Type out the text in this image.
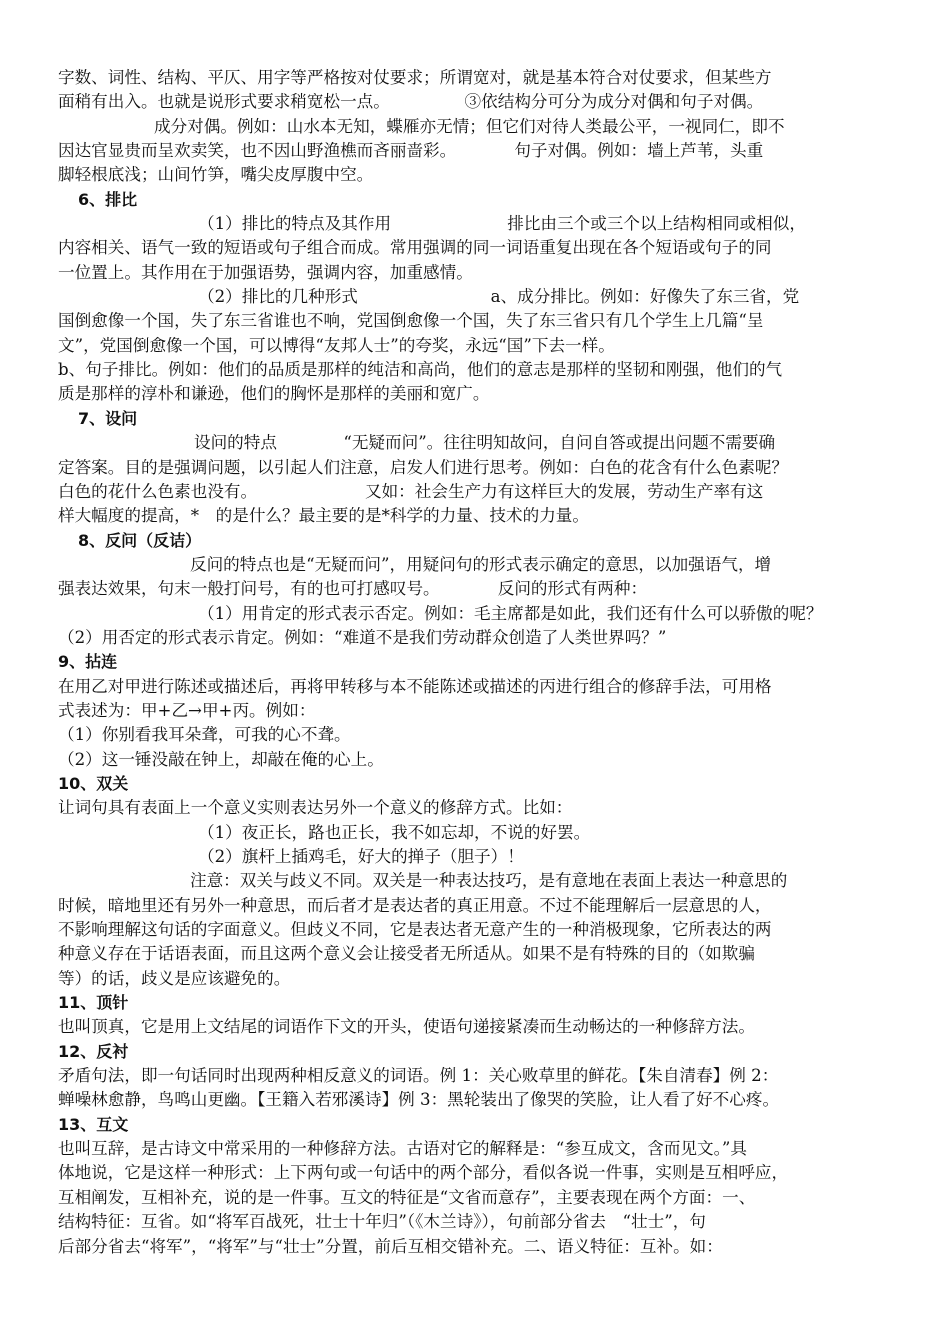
字数、词性、结构、平仄、用字等严格按对仗要求；所谓宽对，就是基本符合对仗要求，但某些方

面稍有出入。也就是说形式要求稍宽松一点。　　　　　③依结构分可分为成分对偶和句子对偶。

成分对偶。例如：山水本无知，蝶雁亦无情；但它们对待人类最公平，一视同仁，即不

因达官显贵而呈欢卖笑，也不因山野渔樵而吝丽啬彩。　　　　句子对偶。例如：墙上芦苇，头重

脚轻根底浅；山间竹笋，嘴尖皮厚腹中空。

6、排比

（1）排比的特点及其作用　　　　　　　排比由三个或三个以上结构相同或相似，

内容相关、语气一致的短语或句子组合而成。常用强调的同一词语重复出现在各个短语或句子的同

一位置上。其作用在于加强语势，强调内容，加重感情。

（2）排比的几种形式　　　　　　　　a、成分排比。例如：好像失了东三省，党

国倒愈像一个国，失了东三省谁也不响，党国倒愈像一个国，失了东三省只有几个学生上几篇“呈

文”，党国倒愈像一个国，可以博得“友邦人士”的夸奖，永远“国”下去一样。

b、句子排比。例如：他们的品质是那样的纯洁和高尚，他们的意志是那样的坚韧和刚强，他们的气

质是那样的淳朴和谦逊，他们的胸怀是那样的美丽和宽广。

7、设问

设问的特点　　　　“无疑而问”。往往明知故问，自问自答或提出问题不需要确

定答案。目的是强调问题，以引起人们注意，启发人们进行思考。例如：白色的花含有什么色素呢？

白色的花什么色素也没有。　　　　　　　又如：社会生产力有这样巨大的发展，劳动生产率有这

样大幅度的提高，*　的是什么？最主要的是*科学的力量、技术的力量。

8、反问（反诘）

反问的特点也是“无疑而问”，用疑问句的形式表示确定的意思，以加强语气，增

强表达效果，句末一般打问号，有的也可打感叹号。　　　　反问的形式有两种：

（1）用肯定的形式表示否定。例如：毛主席都是如此，我们还有什么可以骄傲的呢？

（2）用否定的形式表示肯定。例如：“难道不是我们劳动群众创造了人类世界吗？”

9、拈连

在用乙对甲进行陈述或描述后，再将甲转移与本不能陈述或描述的丙进行组合的修辞手法，可用格

式表述为：甲+乙→甲+丙。例如：

（1）你别看我耳朵聋，可我的心不聋。

（2）这一锤没敲在钟上，却敲在俺的心上。

10、双关

让词句具有表面上一个意义实则表达另外一个意义的修辞方式。比如：

（1）夜正长，路也正长，我不如忘却，不说的好罢。

（2）旗杆上插鸡毛，好大的掸子（胆子）！

注意：双关与歧义不同。双关是一种表达技巧，是有意地在表面上表达一种意思的

时候，暗地里还有另外一种意思，而后者才是表达者的真正用意。不过不能理解后一层意思的人，

不影响理解这句话的字面意义。但歧义不同，它是表达者无意产生的一种消极现象，它所表达的两

种意义存在于话语表面，而且这两个意义会让接受者无所适从。如果不是有特殊的目的（如欺骗

等）的话，歧义是应该避免的。

11、顶针

也叫顶真，它是用上文结尾的词语作下文的开头，使语句递接紧凑而生动畅达的一种修辞方法。

12、反衬

矛盾句法，即一句话同时出现两种相反意义的词语。例 1：关心败草里的鲜花。【朱自清春】例 2：

蝉噪林愈静，鸟鸣山更幽。【王籍入若邪溪诗】例 3：黑轮装出了像哭的笑脸，让人看了好不心疼。

13、互文

也叫互辞，是古诗文中常采用的一种修辞方法。古语对它的解释是：“参互成文，含而见文。”具

体地说，它是这样一种形式：上下两句或一句话中的两个部分，看似各说一件事，实则是互相呼应，

互相阐发，互相补充，说的是一件事。互文的特征是“文省而意存”，主要表现在两个方面：一、

结构特征：互省。如“将军百战死，壮士十年归”（《木兰诗》），句前部分省去　“壮士”，句

后部分省去“将军”，“将军”与“壮士”分置，前后互相交错补充。二、语义特征：互补。如：
